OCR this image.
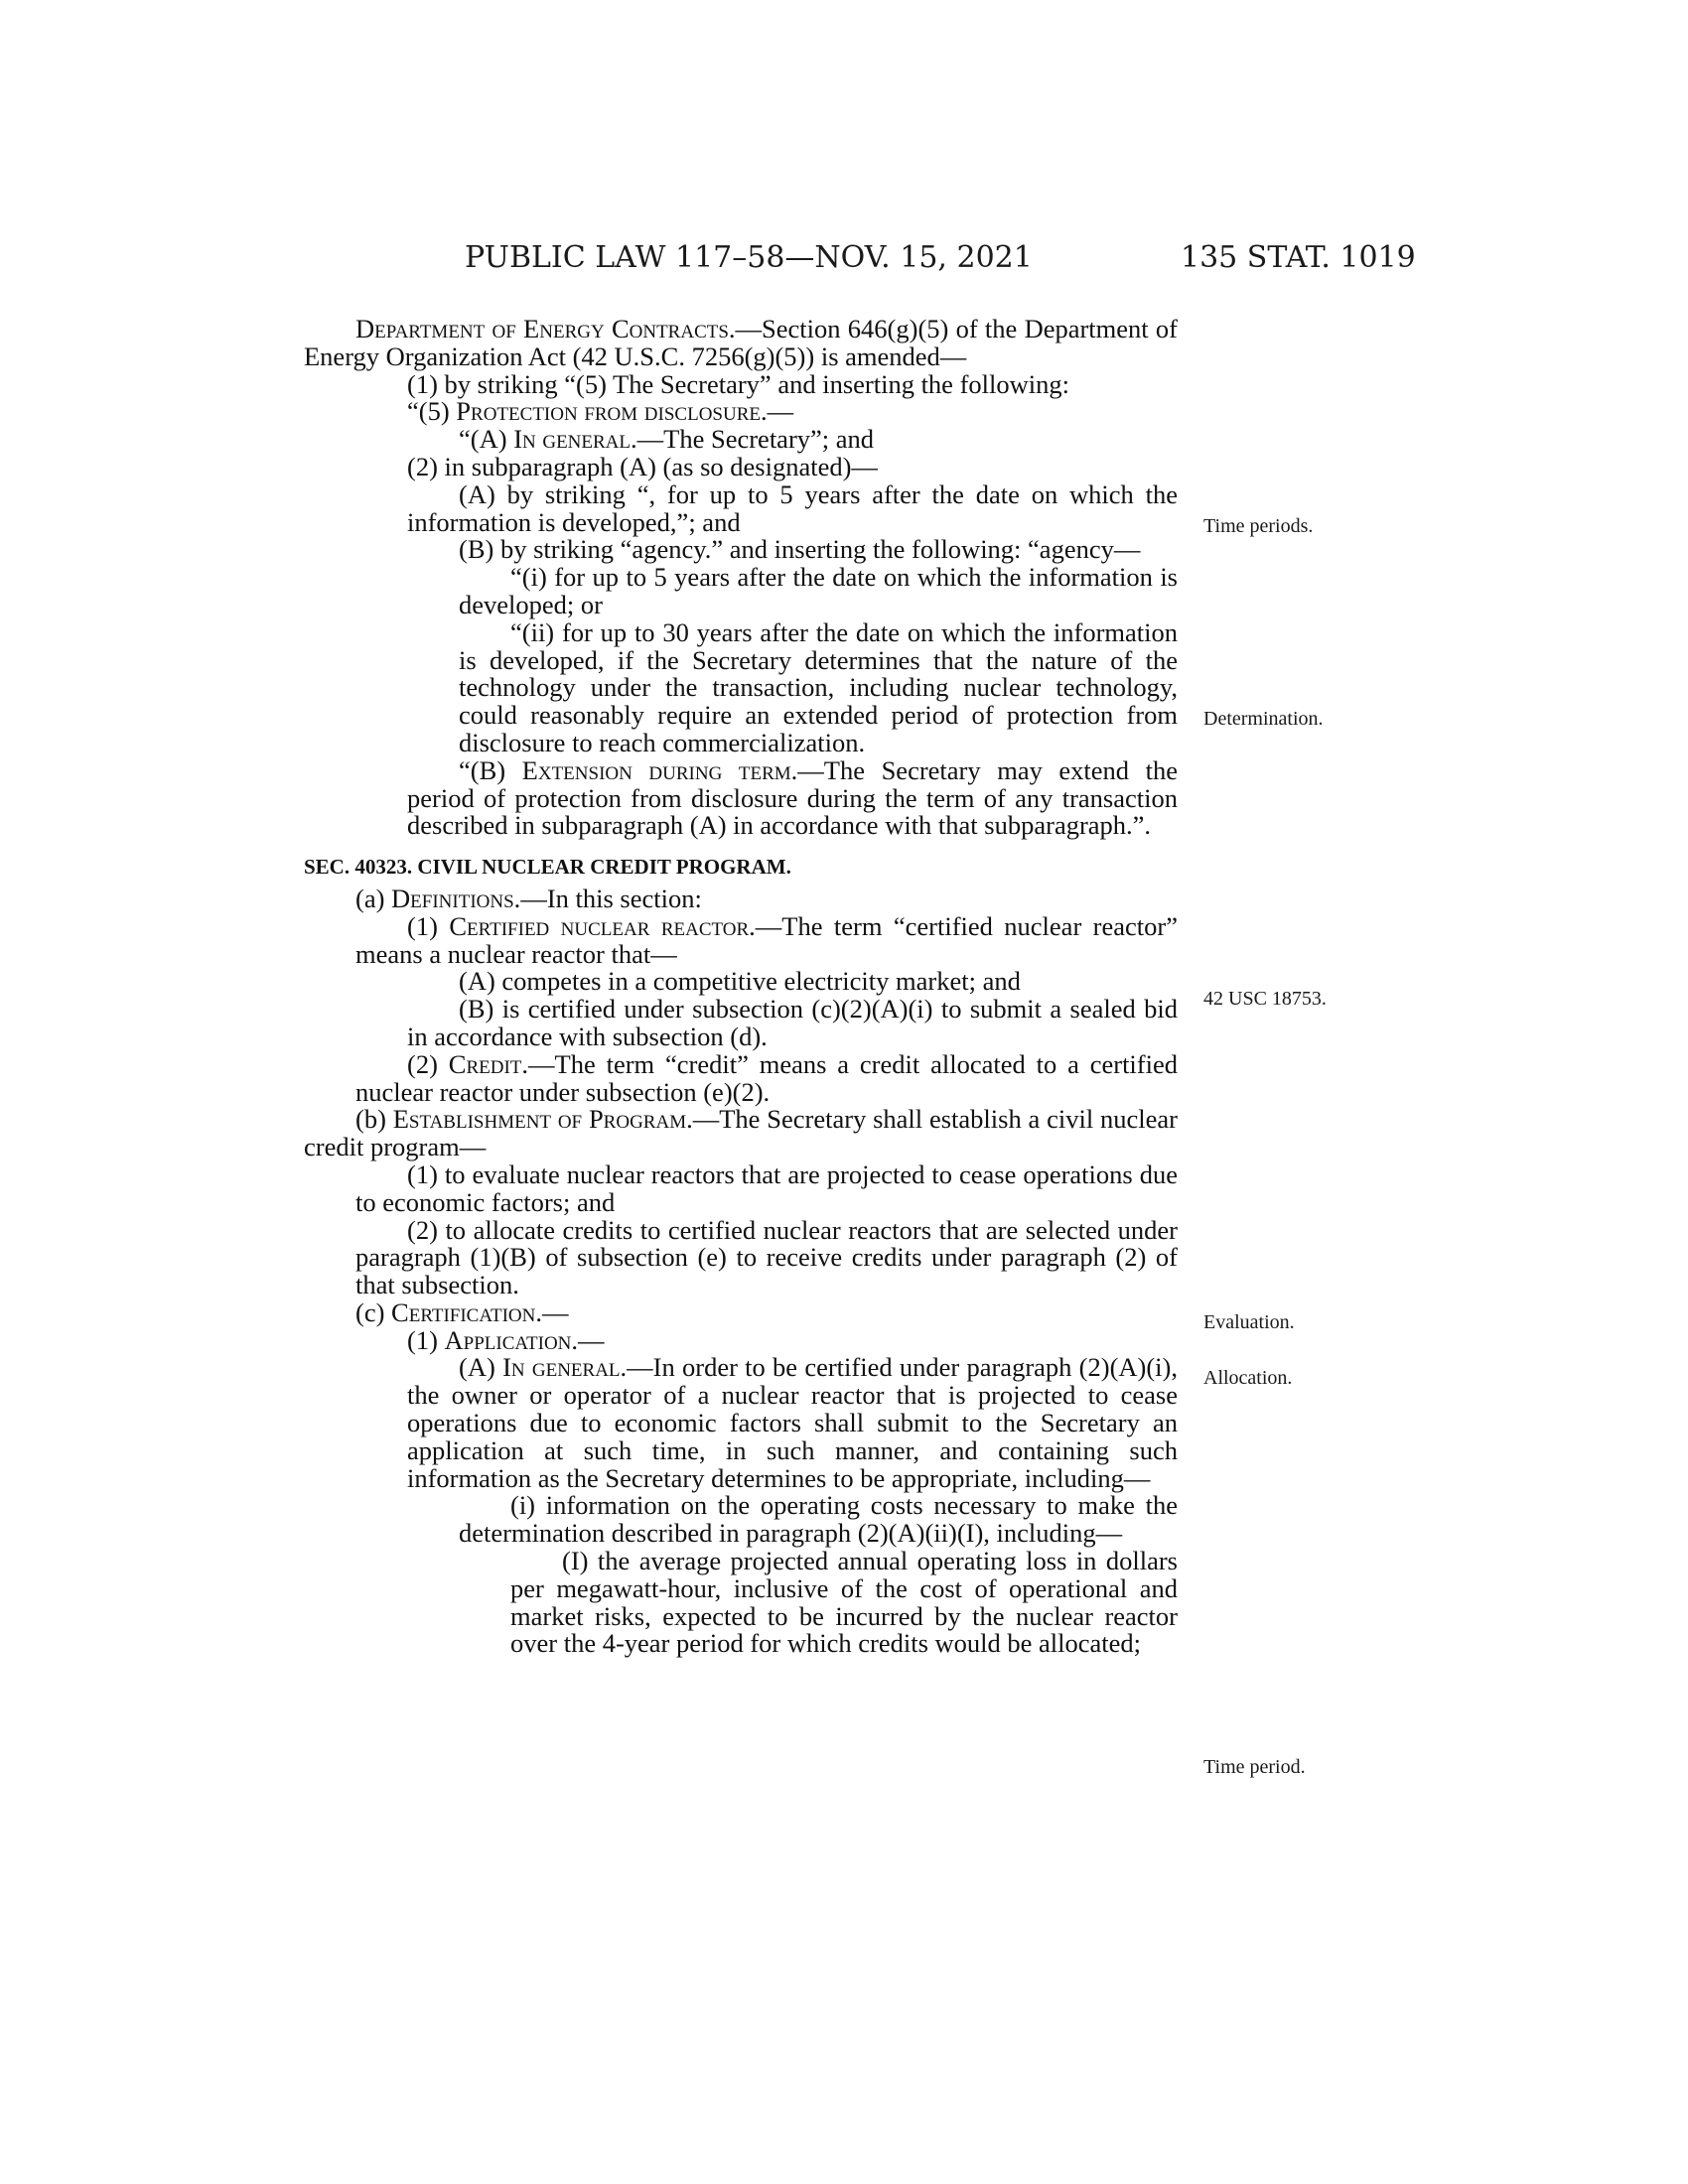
PUBLIC LAW 117–58—NOV. 15, 2021	135 STAT. 1019

Department of Energy Contracts.—Section 646(g)(5) of the Department of Energy Organization Act (42 U.S.C. 7256(g)(5)) is amended—

(1) by striking “(5) The Secretary” and inserting the following:

“(5) Protection from disclosure.—

“(A) In general.—The Secretary”; and

(2) in subparagraph (A) (as so designated)—

(A) by striking “, for up to 5 years after the date on which the information is developed,”; and

(B) by striking “agency.” and inserting the following: “agency—

“(i) for up to 5 years after the date on which the information is developed; or

“(ii) for up to 30 years after the date on which the information is developed, if the Secretary determines that the nature of the technology under the transaction, including nuclear technology, could reasonably require an extended period of protection from disclosure to reach commercialization.

“(B) Extension during term.—The Secretary may extend the period of protection from disclosure during the term of any transaction described in subparagraph (A) in accordance with that subparagraph.”.

SEC. 40323. CIVIL NUCLEAR CREDIT PROGRAM.

(a) Definitions.—In this section:

(1) Certified nuclear reactor.—The term “certified nuclear reactor” means a nuclear reactor that—

(A) competes in a competitive electricity market; and

(B) is certified under subsection (c)(2)(A)(i) to submit a sealed bid in accordance with subsection (d).

(2) Credit.—The term “credit” means a credit allocated to a certified nuclear reactor under subsection (e)(2).

(b) Establishment of Program.—The Secretary shall establish a civil nuclear credit program—

(1) to evaluate nuclear reactors that are projected to cease operations due to economic factors; and

(2) to allocate credits to certified nuclear reactors that are selected under paragraph (1)(B) of subsection (e) to receive credits under paragraph (2) of that subsection.

(c) Certification.—

(1) Application.—

(A) In general.—In order to be certified under paragraph (2)(A)(i), the owner or operator of a nuclear reactor that is projected to cease operations due to economic factors shall submit to the Secretary an application at such time, in such manner, and containing such information as the Secretary determines to be appropriate, including—

(i) information on the operating costs necessary to make the determination described in paragraph (2)(A)(ii)(I), including—

(I) the average projected annual operating loss in dollars per megawatt-hour, inclusive of the cost of operational and market risks, expected to be incurred by the nuclear reactor over the 4-year period for which credits would be allocated;

Time periods.
Determination.
42 USC 18753.
Evaluation.
Allocation.
Time period.
